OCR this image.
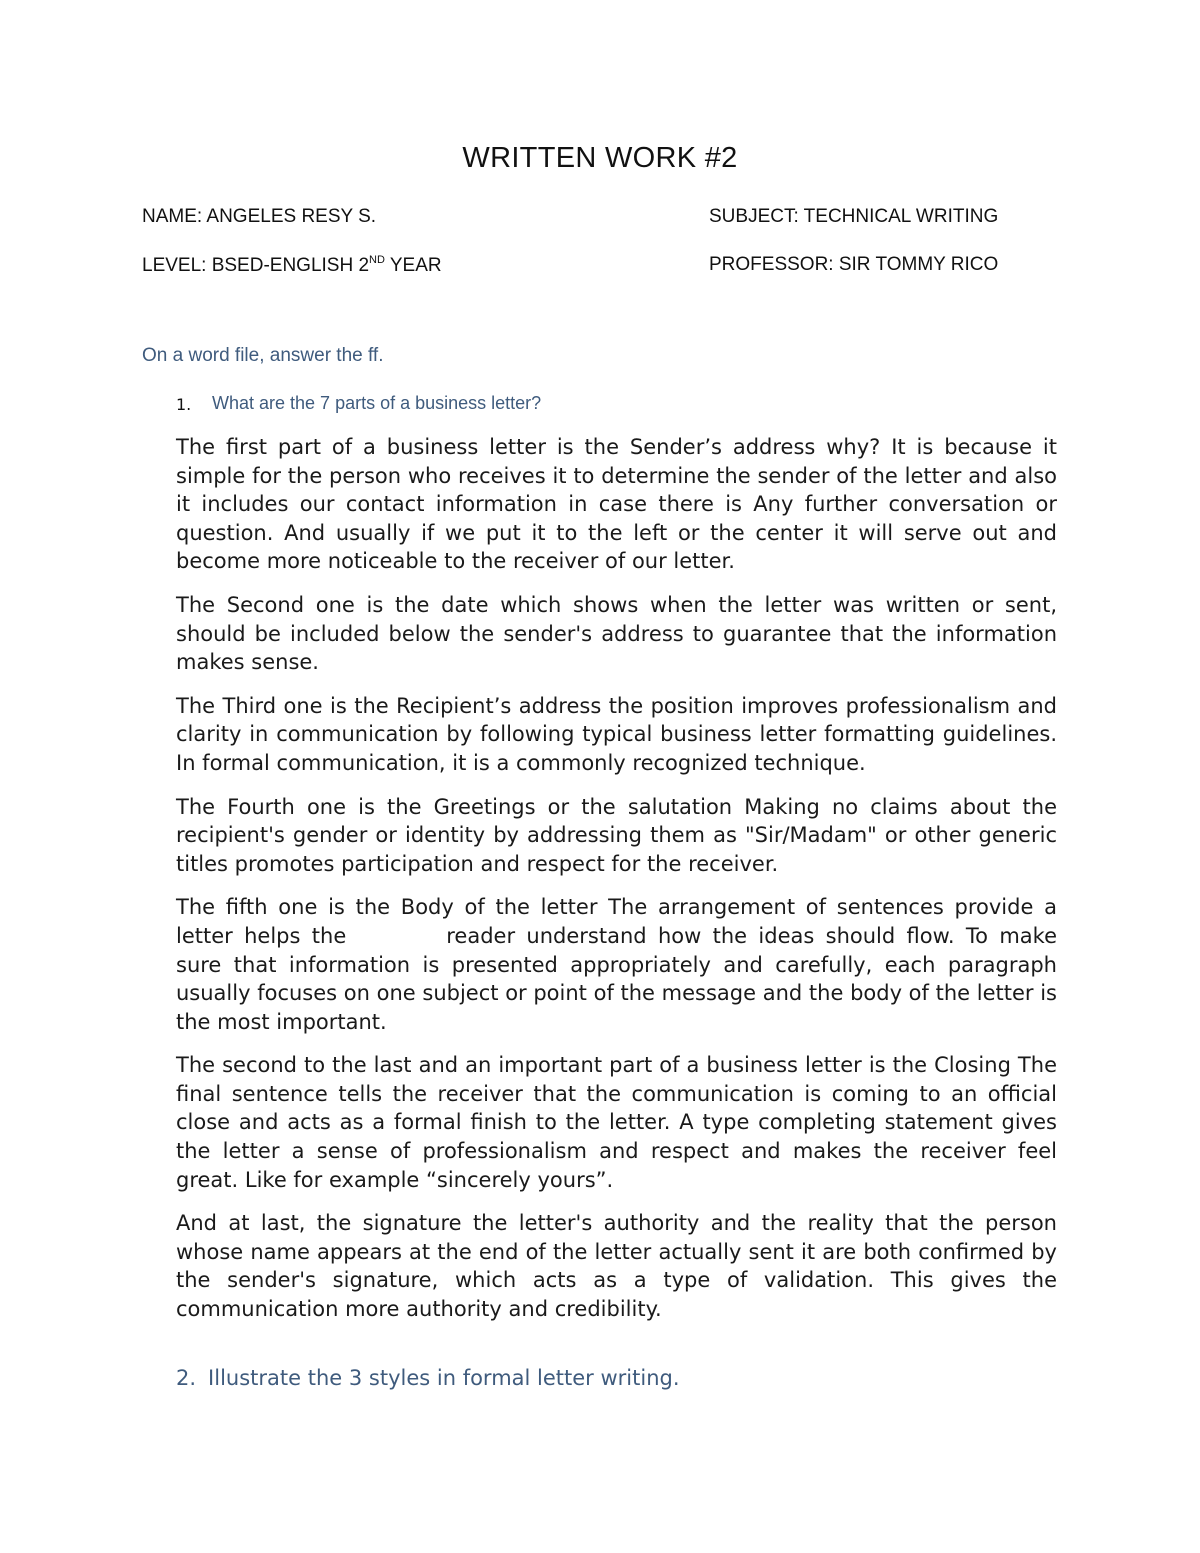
WRITTEN WORK #2
NAME: ANGELES RESY S.	SUBJECT: TECHNICAL WRITING
LEVEL: BSED-ENGLISH 2ND YEAR	PROFESSOR: SIR TOMMY RICO
On a word file, answer the ff.
1. What are the 7 parts of a business letter?

The first part of a business letter is the Sender’s address why? It is because it simple for the person who receives it to determine the sender of the letter and also it includes our contact information in case there is Any further conversation or question. And usually if we put it to the left or the center it will serve out and become more noticeable to the receiver of our letter.

The Second one is the date which shows when the letter was written or sent, should be included below the sender's address to guarantee that the information makes sense.

The Third one is the Recipient’s address the position improves professionalism and clarity in communication by following typical business letter formatting guidelines. In formal communication, it is a commonly recognized technique.

The Fourth one is the Greetings or the salutation Making no claims about the recipient's gender or identity by addressing them as "Sir/Madam" or other generic titles promotes participation and respect for the receiver.

The fifth one is the Body of the letter The arrangement of sentences provide a letter helps the	reader understand how the ideas should flow. To make sure that information is presented appropriately and carefully, each paragraph usually focuses on one subject or point of the message and the body of the letter is the most important.

The second to the last and an important part of a business letter is the Closing The final sentence tells the receiver that the communication is coming to an official close and acts as a formal finish to the letter. A type completing statement gives the letter a sense of professionalism and respect and makes the receiver feel great. Like for example “sincerely yours”.

And at last, the signature the letter's authority and the reality that the person whose name appears at the end of the letter actually sent it are both confirmed by the sender's signature, which acts as a type of validation. This gives the communication more authority and credibility.

2. Illustrate the 3 styles in formal letter writing.
